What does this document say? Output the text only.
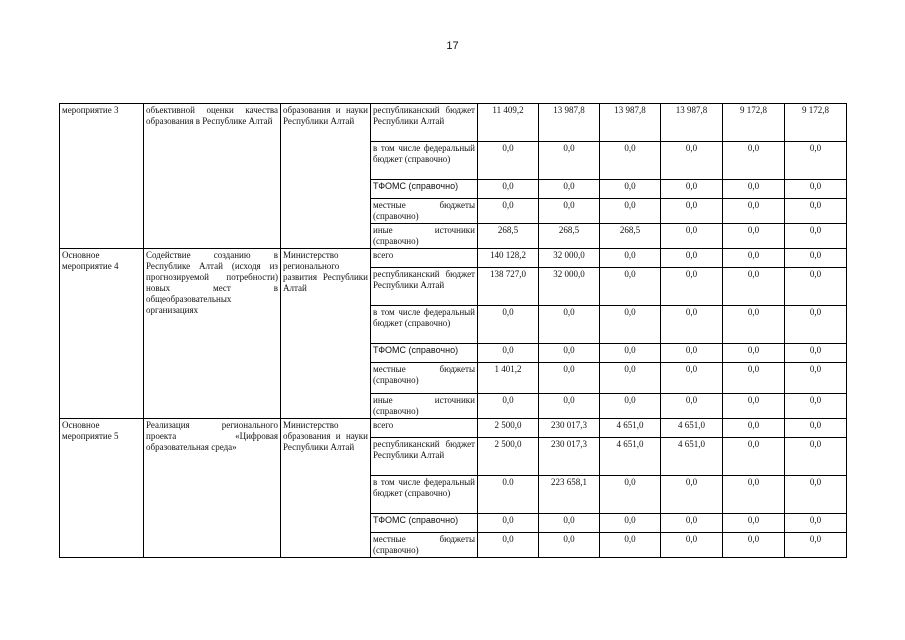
17
мероприятие 3	объективной оценки качества образования в Республике Алтай	образования и науки Республики Алтай	республиканский бюджет Республики Алтай	11 409,2	13 987,8	13 987,8	13 987,8	9 172,8	9 172,8
			в том числе федеральный бюджет (справочно)	0,0	0,0	0,0	0,0	0,0	0,0
			ТФОМС (справочно)	0,0	0,0	0,0	0,0	0,0	0,0
			местные бюджеты (справочно)	0,0	0,0	0,0	0,0	0,0	0,0
			иные источники (справочно)	268,5	268,5	268,5	0,0	0,0	0,0
Основное мероприятие 4	Содействие созданию в Республике Алтай (исходя из прогнозируемой потребности) новых мест в общеобразовательных организациях	Министерство регионального развития Республики Алтай	всего	140 128,2	32 000,0	0,0	0,0	0,0	0,0
			республиканский бюджет Республики Алтай	138 727,0	32 000,0	0,0	0,0	0,0	0,0
			в том числе федеральный бюджет (справочно)	0,0	0,0	0,0	0,0	0,0	0,0
			ТФОМС (справочно)	0,0	0,0	0,0	0,0	0,0	0,0
			местные бюджеты (справочно)	1 401,2	0,0	0,0	0,0	0,0	0,0
			иные источники (справочно)	0,0	0,0	0,0	0,0	0,0	0,0
Основное мероприятие 5	Реализация регионального проекта «Цифровая образовательная среда»	Министерство образования и науки Республики Алтай	всего	2 500,0	230 017,3	4 651,0	4 651,0	0,0	0,0
			республиканский бюджет Республики Алтай	2 500,0	230 017,3	4 651,0	4 651,0	0,0	0,0
			в том числе федеральный бюджет (справочно)	0.0	223 658,1	0,0	0,0	0,0	0,0
			ТФОМС (справочно)	0,0	0,0	0,0	0,0	0,0	0,0
			местные бюджеты (справочно)	0,0	0,0	0,0	0,0	0,0	0,0
